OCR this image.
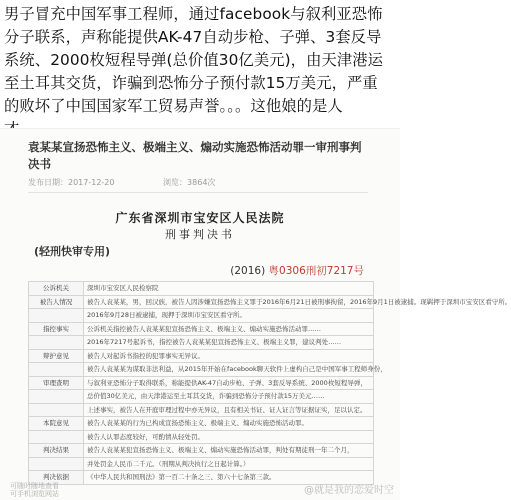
男子冒充中国军事工程师，通过facebook与叙利亚恐怖
分子联系，声称能提供AK-47自动步枪、子弹、3套反导
系统、2000枚短程导弹(总价值30亿美元)，由天津港运
至土耳其交货，诈骗到恐怖分子预付款15万美元，严重
的败坏了中国国家军工贸易声誉。。。这他娘的是人
袁某某宣扬恐怖主义、极端主义、煽动实施恐怖活动罪一审刑事判决书
发布日期：2017-12-20	浏览：3864次
广东省深圳市宝安区人民法院
刑事判决书
(轻刑快审专用)
(2016) 粤0306刑初7217号
公诉机关	深圳市宝安区人民检察院
被告人情况	被告人袁某某，男，回汉族，被告人因涉嫌宣扬恐怖主义罪于2016年6月21日被刑事拘留，2016年9月1日被逮捕。现羁押于深圳市宝安区看守所。
	2016年9月28日被逮捕，现押于深圳市宝安区看守所。
指控事实	公诉机关指控被告人袁某某犯宣扬恐怖主义、极端主义、煽动实施恐怖活动罪……
	2016年7217号起诉书，指控被告人袁某某犯宣扬恐怖主义、极端主义罪，建议判处……
辩护意见	被告人对起诉书指控的犯罪事实无异议。
	被告人袁某某为谋取非法利益，从2015年开始在facebook聊天软件上虚构自己是中国军事工程师身份，
审理查明	与叙利亚恐怖分子取得联系，称能提供AK-47自动步枪、子弹、3套反导系统、2000枚短程导弹，
	总价值30亿美元，由天津港运至土耳其交货，诈骗到恐怖分子预付款15万美元……
	上述事实，被告人在开庭审理过程中亦无异议，且有相关书证、证人证言等证据证实，足以认定。
本院意见	被告人袁某某的行为已构成宣扬恐怖主义、极端主义、煽动实施恐怖活动罪。
	被告人认罪态度较好，可酌情从轻处罚。
判决结果	被告人袁某某犯宣扬恐怖主义、极端主义、煽动实施恐怖活动罪，判处有期徒刑一年二个月，
	并处罚金人民币二千元。（刑期从判决执行之日起计算。）
判决依据	《中华人民共和国刑法》第一百二十条之三、第六十七条第三款。
可随时随地查看
可手机浏览网站	@就是我的恋爱时空
